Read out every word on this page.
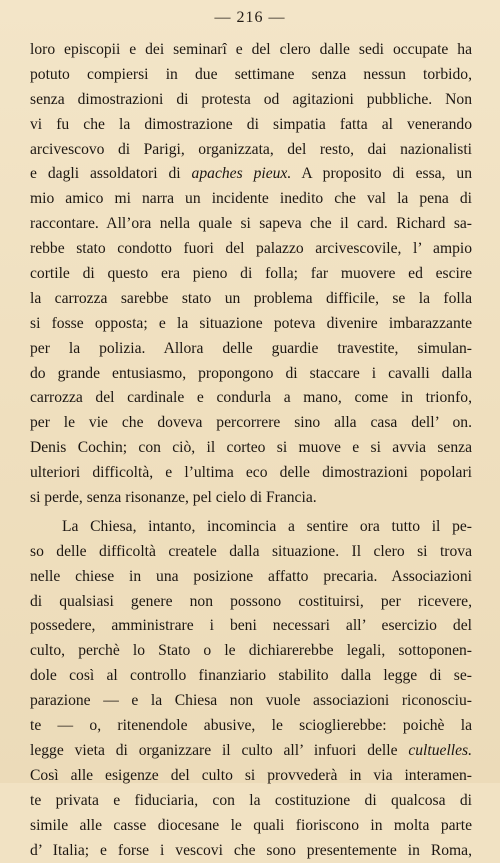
— 216 —
loro episcopii e dei seminarî e del clero dalle sedi occupate ha
potuto compiersi in due settimane senza nessun torbido,
senza dimostrazioni di protesta od agitazioni pubbliche. Non
vi fu che la dimostrazione di simpatia fatta al venerando
arcivescovo di Parigi, organizzata, del resto, dai nazionalisti
e dagli assoldatori di apaches pieux. A proposito di essa, un
mio amico mi narra un incidente inedito che val la pena di
raccontare. All’ora nella quale si sapeva che il card. Richard sa-
rebbe stato condotto fuori del palazzo arcivescovile, l’ ampio
cortile di questo era pieno di folla; far muovere ed escire
la carrozza sarebbe stato un problema difficile, se la folla
si fosse opposta; e la situazione poteva divenire imbarazzante
per la polizia. Allora delle guardie travestite, simulan-
do grande entusiasmo, propongono di staccare i cavalli dalla
carrozza del cardinale e condurla a mano, come in trionfo,
per le vie che doveva percorrere sino alla casa dell’ on.
Denis Cochin; con ciò, il corteo si muove e si avvia senza
ulteriori difficoltà, e l’ultima eco delle dimostrazioni popolari
si perde, senza risonanze, pel cielo di Francia.
La Chiesa, intanto, incomincia a sentire ora tutto il pe-
so delle difficoltà createle dalla situazione. Il clero si trova
nelle chiese in una posizione affatto precaria. Associazioni
di qualsiasi genere non possono costituirsi, per ricevere,
possedere, amministrare i beni necessari all’ esercizio del
culto, perchè lo Stato o le dichiarerebbe legali, sottoponen-
dole così al controllo finanziario stabilito dalla legge di se-
parazione — e la Chiesa non vuole associazioni riconosciu-
te — o, ritenendole abusive, le scioglierebbe: poichè la
legge vieta di organizzare il culto all’ infuori delle cultuelles.
Così alle esigenze del culto si provvederà in via interamen-
te privata e fiduciaria, con la costituzione di qualcosa di
simile alle casse diocesane le quali fioriscono in molta parte
d’ Italia; e forse i vescovi che sono presentemente in Roma,
